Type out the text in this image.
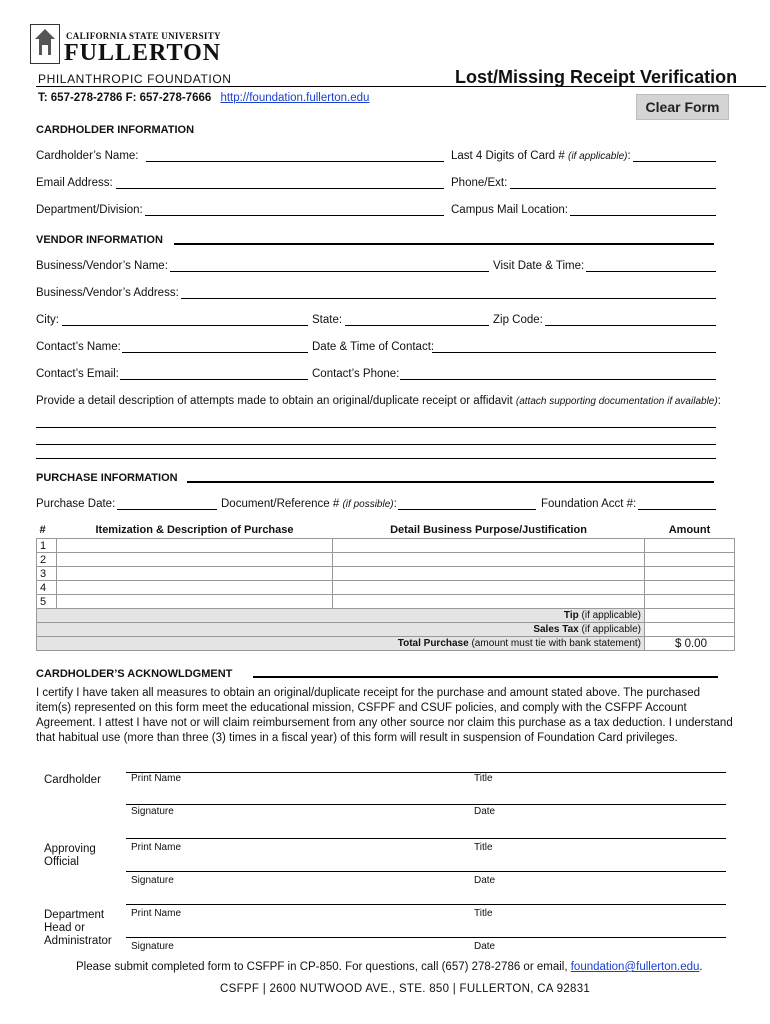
CALIFORNIA STATE UNIVERSITY
FULLERTON
PHILANTHROPIC FOUNDATION	Lost/Missing Receipt Verification
T: 657-278-2786 F: 657-278-7666 http://foundation.fullerton.edu
Clear Form
CARDHOLDER INFORMATION
Cardholder’s Name:	Last 4 Digits of Card # (if applicable):
Email Address:	Phone/Ext:
Department/Division:	Campus Mail Location:
VENDOR INFORMATION
Business/Vendor’s Name:	Visit Date & Time:
Business/Vendor’s Address:
City:	State:	Zip Code:
Contact’s Name:	Date & Time of Contact:
Contact’s Email:	Contact’s Phone:
Provide a detail description of attempts made to obtain an original/duplicate receipt or affidavit (attach supporting documentation if available):
PURCHASE INFORMATION
Purchase Date:	Document/Reference # (if possible):	Foundation Acct #:
#	Itemization & Description of Purchase	Detail Business Purpose/Justification	Amount
1			
2			
3			
4			
5			
Tip (if applicable)			
Sales Tax (if applicable)			
Total Purchase (amount must tie with bank statement)			$ 0.00
CARDHOLDER’S ACKNOWLDGMENT
I certify I have taken all measures to obtain an original/duplicate receipt for the purchase and amount stated above. The purchased item(s) represented on this form meet the educational mission, CSFPF and CSUF policies, and comply with the CSFPF Account Agreement. I attest I have not or will claim reimbursement from any other source nor claim this purchase as a tax deduction. I understand that habitual use (more than three (3) times in a fiscal year) of this form will result in suspension of Foundation Card privileges.
Cardholder	Print Name	Title
Signature	Date
Approving
Official
Print Name	Title
Signature	Date
Department
Head or
Administrator
Print Name	Title
Signature	Date
Please submit completed form to CSFPF in CP-850. For questions, call (657) 278-2786 or email, foundation@fullerton.edu.
CSFPF | 2600 NUTWOOD AVE., STE. 850 | FULLERTON, CA 92831
